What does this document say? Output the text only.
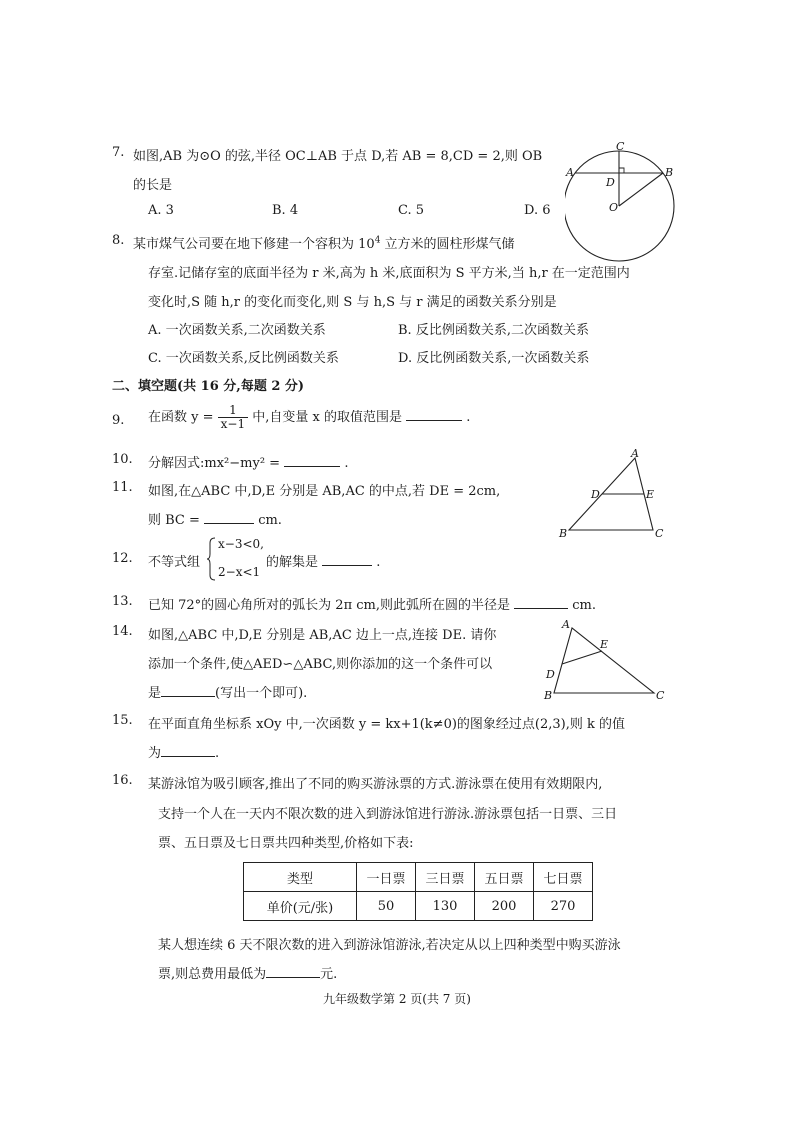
7. 如图,AB 为⊙O 的弦,半径 OC⊥AB 于点 D,若 AB = 8,CD = 2,则 OB
的长是
A. 3	B. 4	C. 5	D. 6
C
A
D
B
O
8. 某市煤气公司要在地下修建一个容积为 $10^4$ 立方米的圆柱形煤气储
存室.记储存室的底面半径为 r 米,高为 h 米,底面积为 S 平方米,当 h,r 在一定范围内
变化时,S 随 h,r 的变化而变化,则 S 与 h,S 与 r 满足的函数关系分别是
A. 一次函数关系,二次函数关系	B. 反比例函数关系,二次函数关系
C. 一次函数关系,反比例函数关系	D. 反比例函数关系,一次函数关系
二、填空题(共 16 分,每题 2 分)
9. 在函数 $y = \frac{1}{x-1}$ 中,自变量 x 的取值范围是	.
10. 分解因式:mx²−my² =	.
11. 如图,在△ABC 中,D,E 分别是 AB,AC 的中点,若 DE = 2cm,
则 BC =	cm.
A
D	E
B	C
12. 不等式组
x−3<0,
2−x<1
的解集是	.
13. 已知 72°的圆心角所对的弧长为 2π cm,则此弧所在圆的半径是	cm.
14. 如图,△ABC 中,D,E 分别是 AB,AC 边上一点,连接 DE. 请你
添加一个条件,使△AED∽△ABC,则你添加的这一个条件可以
是	(写出一个即可).
A
E
D
B	C
15. 在平面直角坐标系 xOy 中,一次函数 y = kx+1(k≠0)的图象经过点(2,3),则 k 的值
为	.
16. 某游泳馆为吸引顾客,推出了不同的购买游泳票的方式.游泳票在使用有效期限内,
支持一个人在一天内不限次数的进入到游泳馆进行游泳.游泳票包括一日票、三日
票、五日票及七日票共四种类型,价格如下表:
类型	一日票	三日票	五日票	七日票
单价(元/张)	50	130	200	270
某人想连续 6 天不限次数的进入到游泳馆游泳,若决定从以上四种类型中购买游泳
票,则总费用最低为	元.
九年级数学第 2 页(共 7 页)
